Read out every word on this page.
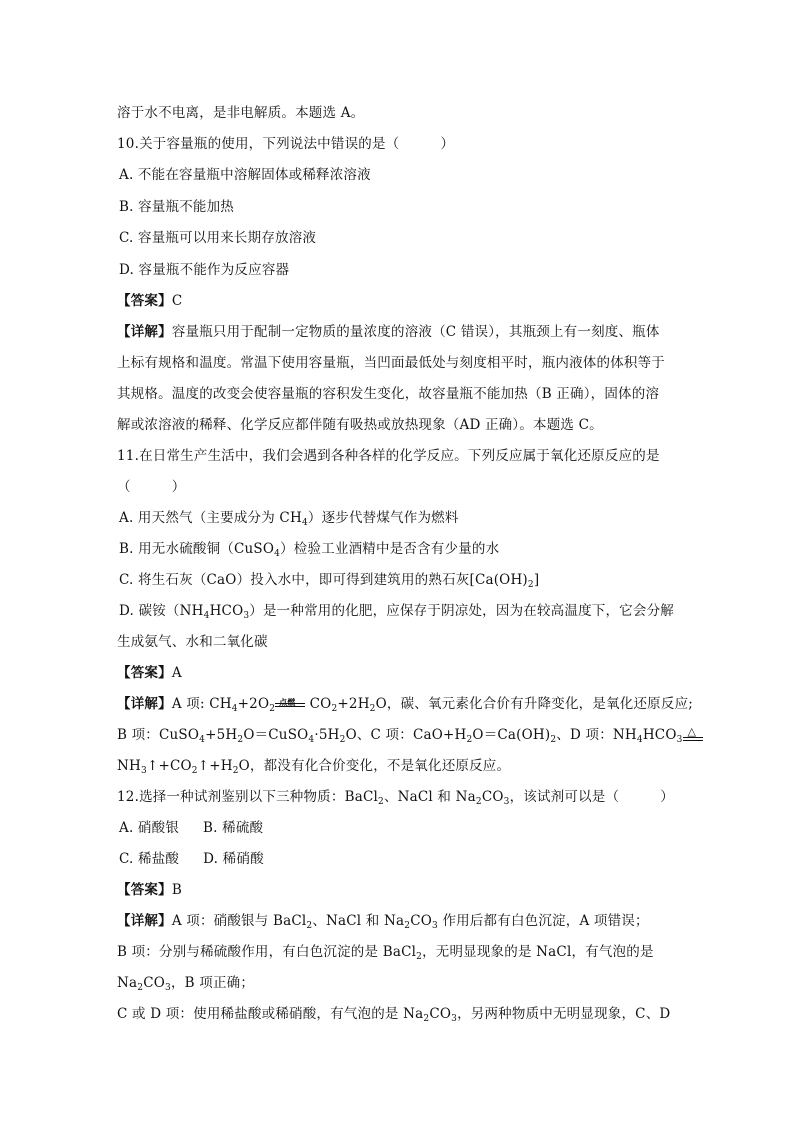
溶于水不电离，是非电解质。本题选 A。
10.关于容量瓶的使用，下列说法中错误的是（　　　）
A. 不能在容量瓶中溶解固体或稀释浓溶液
B. 容量瓶不能加热
C. 容量瓶可以用来长期存放溶液
D. 容量瓶不能作为反应容器
【答案】C
【详解】容量瓶只用于配制一定物质的量浓度的溶液（C 错误），其瓶颈上有一刻度、瓶体
上标有规格和温度。常温下使用容量瓶，当凹面最低处与刻度相平时，瓶内液体的体积等于
其规格。温度的改变会使容量瓶的容积发生变化，故容量瓶不能加热（B 正确），固体的溶
解或浓溶液的稀释、化学反应都伴随有吸热或放热现象（AD 正确）。本题选 C。
11.在日常生产生活中，我们会遇到各种各样的化学反应。下列反应属于氧化还原反应的是
（　　　）
A. 用天然气（主要成分为 $CH_4$）逐步代替煤气作为燃料
B. 用无水硫酸铜（CuSO$_4$）检验工业酒精中是否含有少量的水
C. 将生石灰（CaO）投入水中，即可得到建筑用的熟石灰$[Ca(OH)_2]$
D. 碳铵$(NH_4HCO_3)$是一种常用的化肥，应保存于阴凉处，因为在较高温度下，它会分解
生成氨气、水和二氧化碳
【答案】A
【详解】A 项: $CH_4+2O_2$
点燃 $CO_2+2H_2O$，碳、氧元素化合价有升降变化，是氧化还原反应;
B 项：$CuSO_4+5H_2O=CuSO_4\cdot 5H_2O$、C 项：$CaO+H_2O=Ca(OH)_2$、D 项：$NH_4HCO_3$
△
$NH_3↑+CO_2↑+H_2O$，都没有化合价变化，不是氧化还原反应。
12.选择一种试剂鉴别以下三种物质：BaCl$_2$、NaCl 和 $Na_2CO_3$，该试剂可以是（　　　）
A. 硝酸银 B. 稀硫酸
C. 稀盐酸 D. 稀硝酸
【答案】B
【详解】A 项：硝酸银与 BaCl$_2$、NaCl 和 $Na_2CO_3$ 作用后都有白色沉淀，A 项错误；
B 项：分别与稀硫酸作用，有白色沉淀的是 BaCl$_2$，无明显现象的是 NaCl，有气泡的是
$Na_2CO_3$，B 项正确；
C 或 D 项：使用稀盐酸或稀硝酸，有气泡的是 $Na_2CO_3$，另两种物质中无明显现象，C、D
